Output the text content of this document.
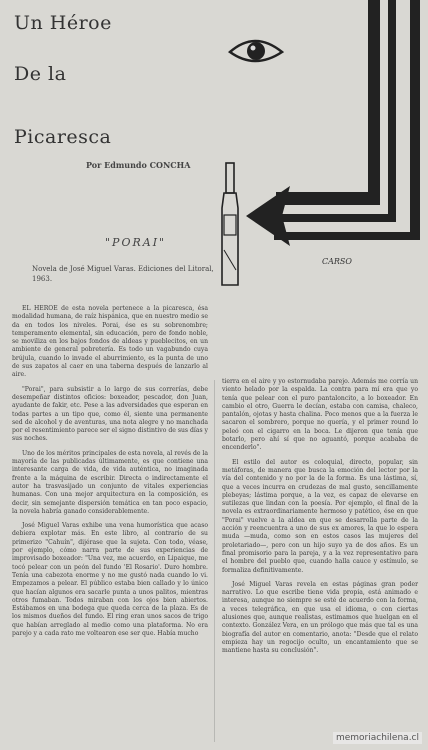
Un Héroe
De la
Picaresca
Por Edmundo CONCHA
CARSO
"PORAI"
Novela de José Miguel Varas. Ediciones del Litoral, 1963.

EL HEROE de esta novela pertenece a la picaresca, ésa modalidad humana, de raíz hispánica, que en nuestro medio se da en todos los niveles. Porai, ése es su sobrenombre; temperamento elemental, sin educación, pero de fondo noble, se moviliza en los bajos fondos de aldeas y pueblecitos, en un ambiente de general pobretería. Es todo un vagabundo cuya brújula, cuando lo invade el aburrimiento, es la punta de uno de sus zapatos al caer en una taberna después de lanzarlo al aire.

"Porai", para subsistir a lo largo de sus correrías, debe desempeñar distintos oficios: boxeador, pescador, don Juan, ayudante de fakir, etc. Pese a las adversidades que esperan en todas partes a un tipo que, como él, siente una permanente sed de alcohol y de aventuras, una nota alegre y no manchada por el resentimiento parece ser el signo distintivo de sus días y sus noches.

Uno de los méritos principales de esta novela, al revés de la mayoría de las publicadas últimamente, es que contiene una interesante carga de vida, de vida auténtica, no imaginada frente a la máquina de escribir. Directa o indirectamente el autor ha trasvasijado un conjunto de vitales experiencias humanas. Con una mejor arquitectura en la composición, es decir, sin semejante dispersión temática en tan poco espacio, la novela habría ganado considerablemente.

José Miguel Varas exhibe una vena humorística que acaso debiera explotar más. En este libro, al contrario de su primerizo "Cahuín", dijérase que la sujeta. Con todo, véase, por ejemplo, cómo narra parte de sus experiencias de improvisado boxeador: "Una vez, me acuerdo, en Lipaique, me tocó pelear con un peón del fundo 'El Rosario'. Duro hombre. Tenía una cabezota enorme y no me gustó nada cuando lo vi. Empezamos a pelear. El público estaba bien callado y lo único que hacían algunos era sacarle punta a unos palitos, mientras otros fumaban. Todos miraban con los ojos bien abiertos. Estábamos en una bodega que queda cerca de la plaza. Es de los mismos dueños del fundo. El ring eran unos sacos de trigo que habían arreglado al medio como una plataforma. No era parejo y a cada rato me voltearon ese ser que. Había mucho

tierra en el aire y yo estornudaba parejo. Además me corría un viento helado por la espalda. La contra para mí era que yo tenía que pelear con el puro pantaloncito, a lo boxeador. En cambio el otro, Guerra le decían, estaba con camisa, chaleco, pantalón, ojotas y hasta chalina. Poco menos que a la fuerza le sacaron el sombrero, porque no quería, y el primer round lo peleó con el cigarro en la boca. Le dijeron que tenía que botarlo, pero ahí sí que no aguantó, porque acababa de encenderlo".

El estilo del autor es coloquial, directo, popular, sin metáforas, de manera que busca la emoción del lector por la vía del contenido y no por la de la forma. Es una lástima, sí, que a veces incurra en crudezas de mal gusto, sencillamente plebeyas; lástima porque, a la vez, es capaz de elevarse en sutilezas que lindan con la poesía. Por ejemplo, el final de la novela es extraordinariamente hermoso y patético, ése en que "Porai" vuelve a la aldea en que se desarrolla parte de la acción y reencuentra a uno de sus ex amores, la que lo espera muda —muda, como son en estos casos las mujeres del proletariado—, pero con un hijo suyo ya de dos años. Es un final promisorio para la pareja, y a la vez representativo para el hombre del pueblo que, cuando halla cauce y estímulo, se formaliza definitivamente.

José Miguel Varas revela en estas páginas gran poder narrativo. Lo que escribe tiene vida propia, está animado e interesa, aunque no siempre se esté de acuerdo con la forma, a veces telegráfica, en que usa el idioma, o con ciertas alusiones que, aunque realistas, estimamos que huelgan en el contexto. González Vera, en un prólogo que más que tal es una biografía del autor en comentario, anota: "Desde que el relato empieza hay un regocijo oculto, un encantamiento que se mantiene hasta su conclusión".

memoriachilena.cl
